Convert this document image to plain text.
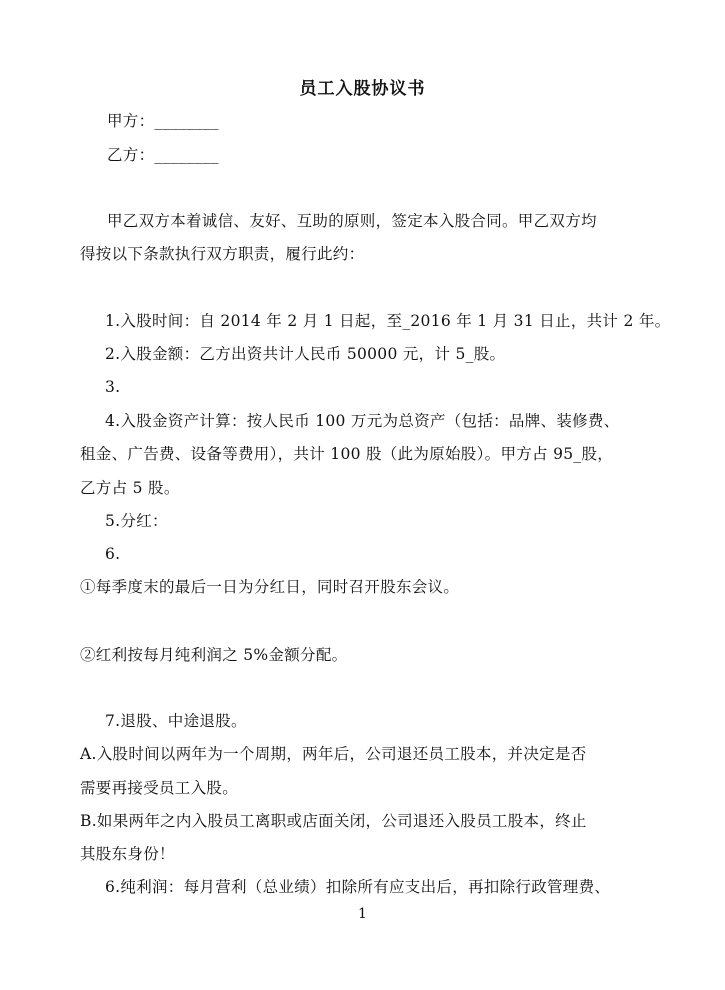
员工入股协议书
甲方：________
乙方：________
甲乙双方本着诚信、友好、互助的原则，签定本入股合同。甲乙双方均
得按以下条款执行双方职责，履行此约：
1.入股时间：自 2014 年 2 月 1 日起，至_2016 年 1 月 31 日止，共计 2 年。
2.入股金额：乙方出资共计人民币 50000 元，计 5_股。
3.
4.入股金资产计算：按人民币 100 万元为总资产（包括：品牌、装修费、
租金、广告费、设备等费用），共计 100 股（此为原始股）。甲方占 95_股，
乙方占 5 股。
5.分红：
6.
①每季度末的最后一日为分红日，同时召开股东会议。
②红利按每月纯利润之 5%金额分配。
7.退股、中途退股。
A.入股时间以两年为一个周期，两年后，公司退还员工股本，并决定是否
需要再接受员工入股。
B.如果两年之内入股员工离职或店面关闭，公司退还入股员工股本，终止
其股东身份！
6.纯利润：每月营利（总业绩）扣除所有应支出后，再扣除行政管理费、
1
